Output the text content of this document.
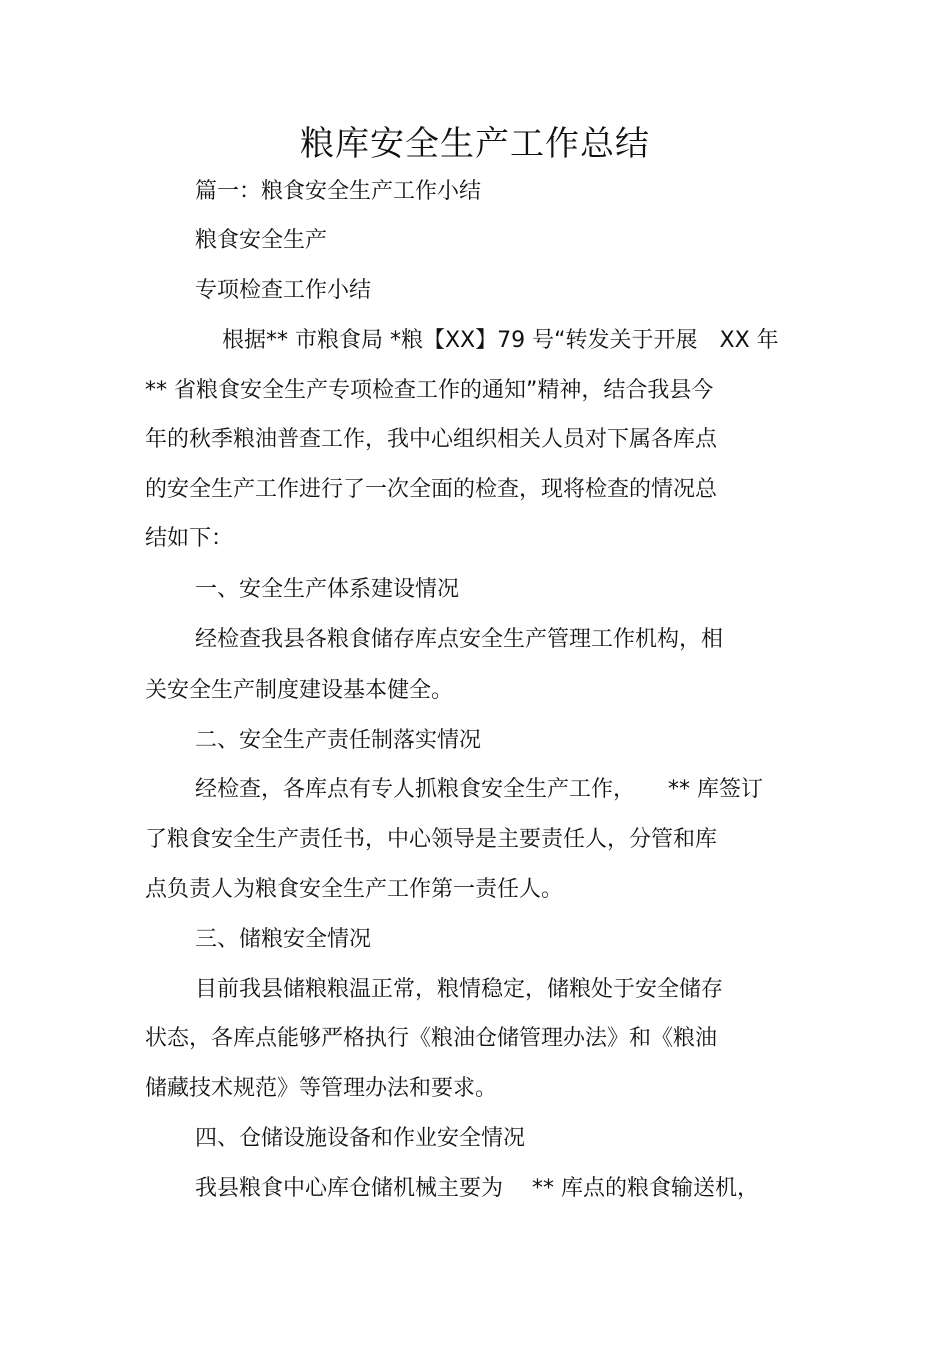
粮库安全生产工作总结
篇一：粮食安全生产工作小结
粮食安全生产
专项检查工作小结
根据** 市粮食局 *粮【XX】79 号“转发关于开展　XX 年
** 省粮食安全生产专项检查工作的通知”精神，结合我县今
年的秋季粮油普查工作，我中心组织相关人员对下属各库点
的安全生产工作进行了一次全面的检查，现将检查的情况总
结如下：
一、安全生产体系建设情况
经检查我县各粮食储存库点安全生产管理工作机构，相
关安全生产制度建设基本健全。
二、安全生产责任制落实情况
经检查，各库点有专人抓粮食安全生产工作，　　** 库签订
了粮食安全生产责任书，中心领导是主要责任人，分管和库
点负责人为粮食安全生产工作第一责任人。
三、储粮安全情况
目前我县储粮粮温正常，粮情稳定，储粮处于安全储存
状态，各库点能够严格执行《粮油仓储管理办法》和《粮油
储藏技术规范》等管理办法和要求。
四、仓储设施设备和作业安全情况
我县粮食中心库仓储机械主要为　 ** 库点的粮食输送机，
